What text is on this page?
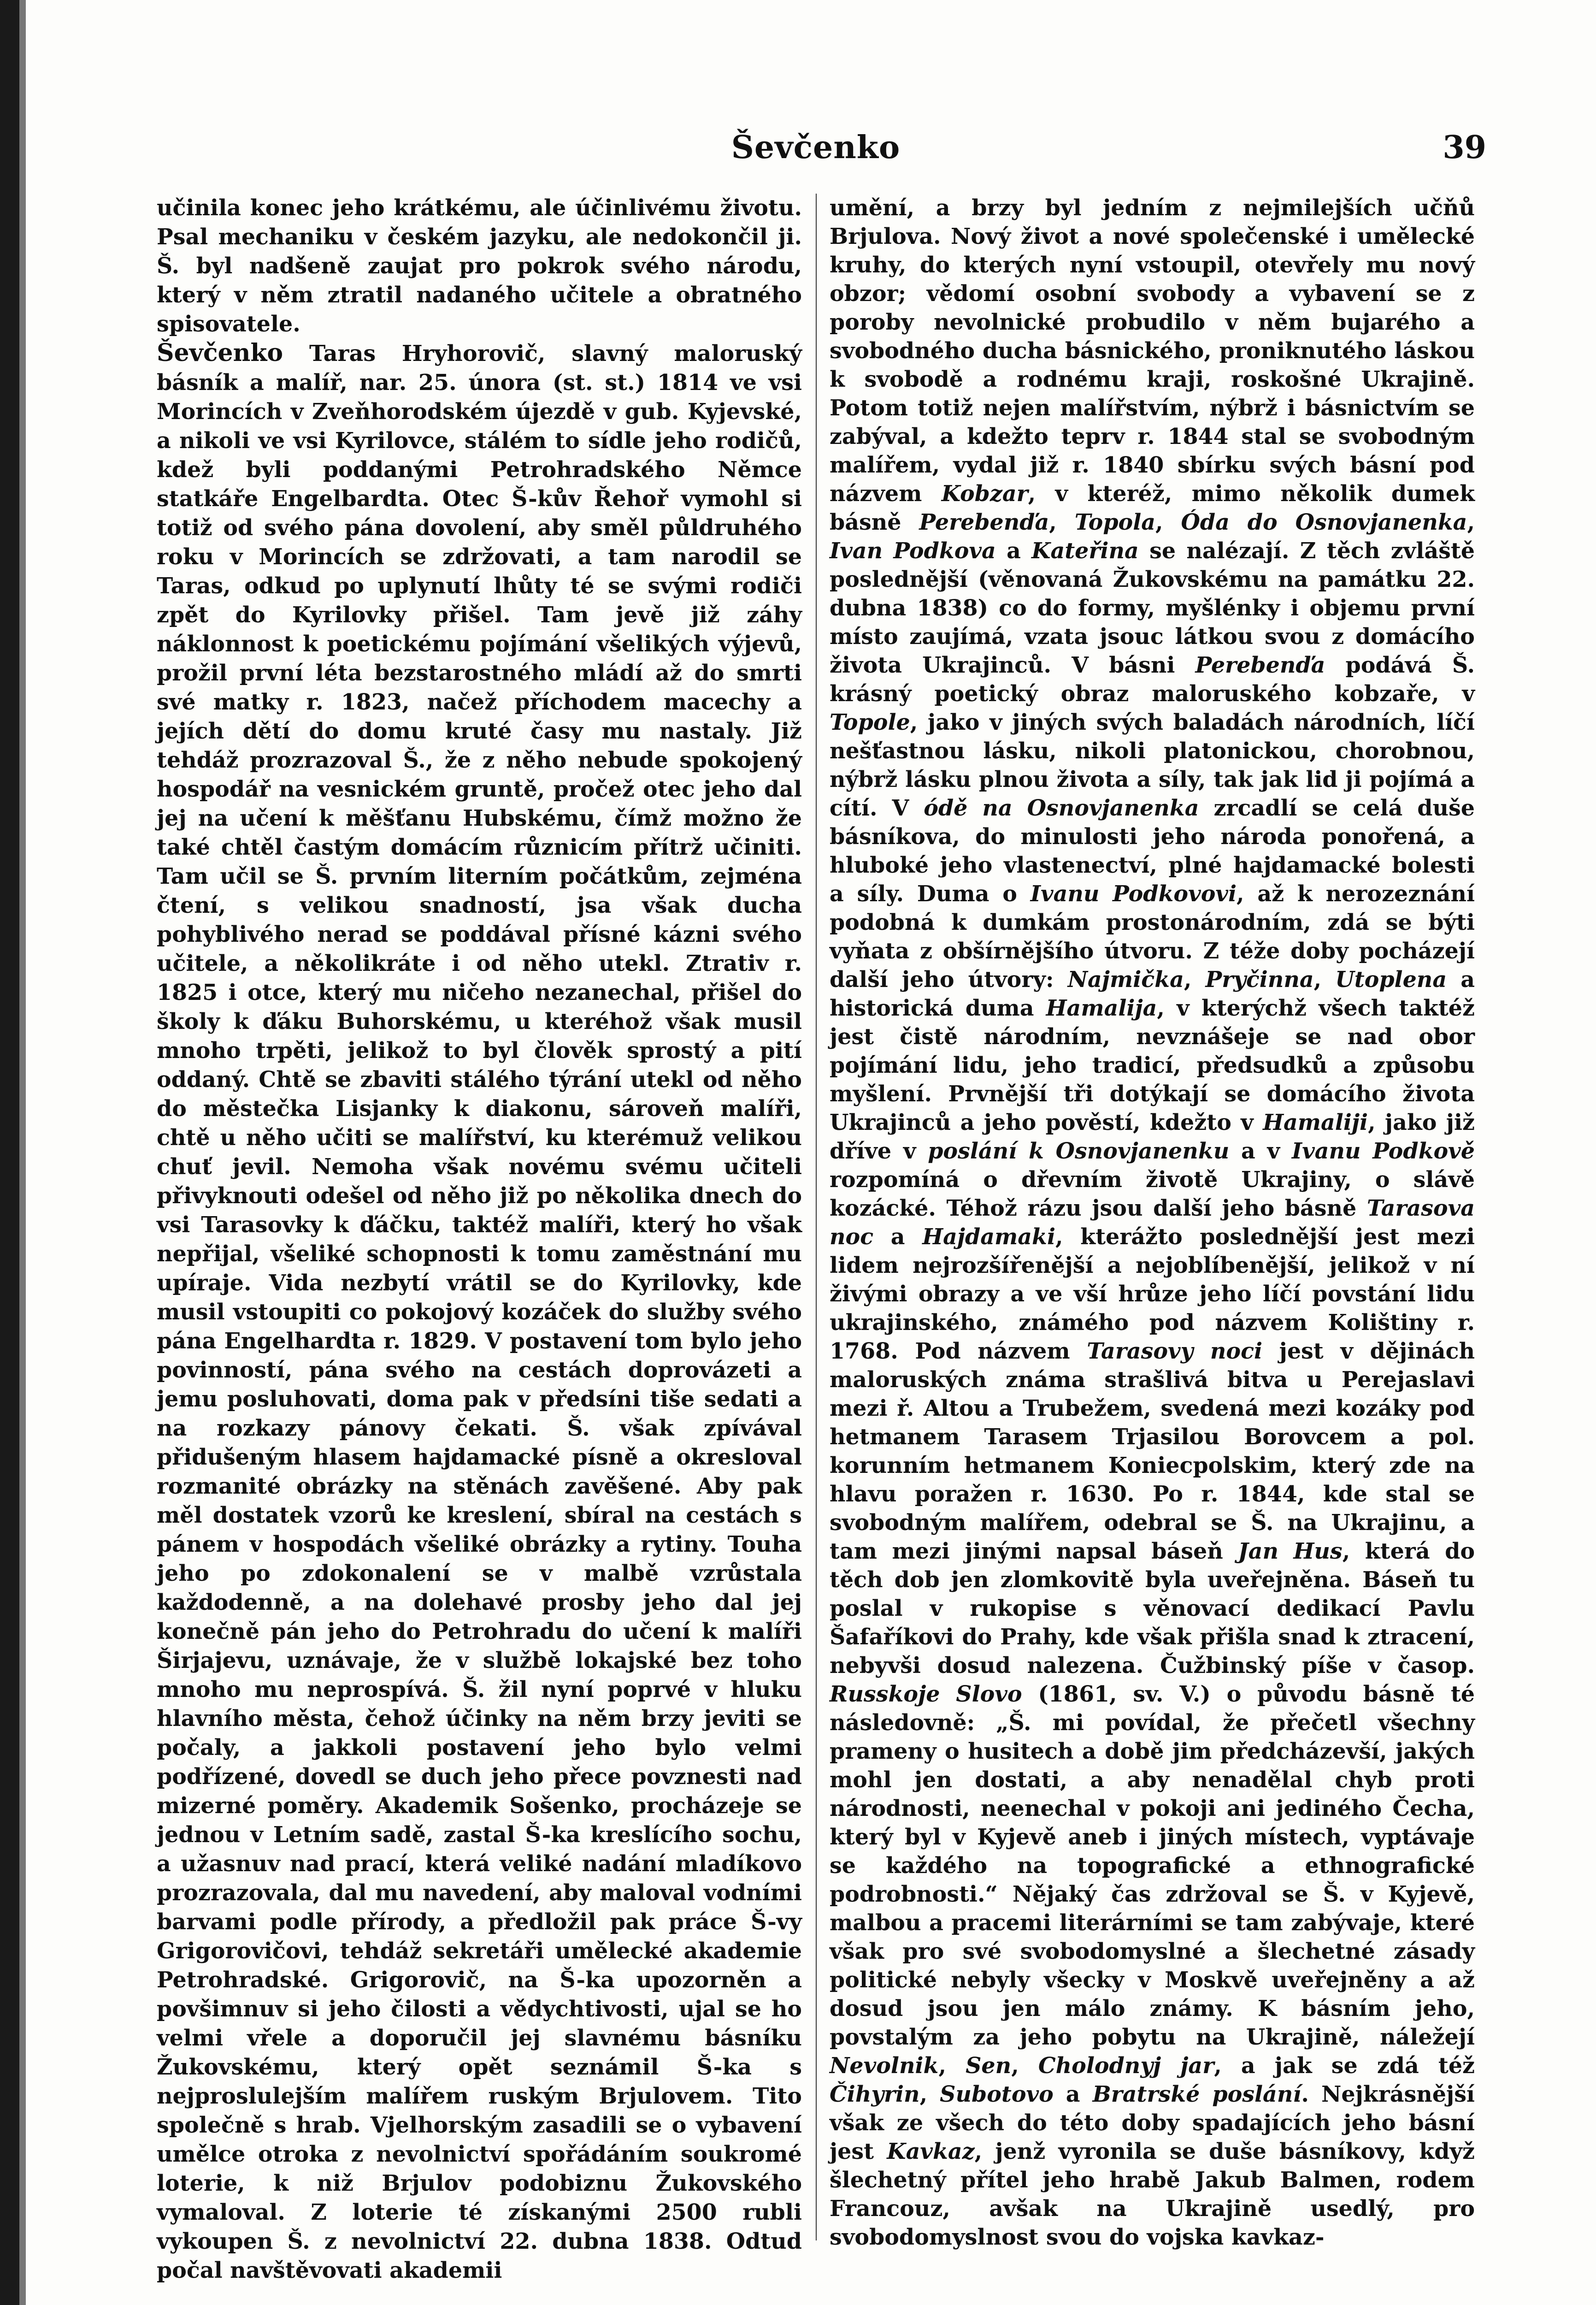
Ševčenko	39

učinila konec jeho krátkému, ale účinlivému životu. Psal mechaniku v českém jazyku, ale nedokončil ji. Š. byl nadšeně zaujat pro pokrok svého národu, který v něm ztratil nadaného učitele a obratného spisovatele.

Ševčenko Taras Hryhorovič, slavný maloruský básník a malíř, nar. 25. února (st. st.) 1814 ve vsi Morincích v Zveňhorodském újezdě v gub. Kyjevské, a nikoli ve vsi Kyrilovce, stálém to sídle jeho rodičů, kdež byli poddanými Petrohradského Němce statkáře Engelbardta. Otec Š-kův Řehoř vymohl si totiž od svého pána dovolení, aby směl půldruhého roku v Morincích se zdržovati, a tam narodil se Taras, odkud po uplynutí lhůty té se svými rodiči zpět do Kyrilovky přišel. Tam jevě již záhy náklonnost k poetickému pojímání všelikých výjevů, prožil první léta bezstarostného mládí až do smrti své matky r. 1823, načež příchodem macechy a jejích dětí do domu kruté časy mu nastaly. Již tehdáž prozrazoval Š., že z něho nebude spokojený hospodář na vesnickém gruntě, pročež otec jeho dal jej na učení k měšťanu Hubskému, čímž možno že také chtěl častým domácím různicím přítrž učiniti. Tam učil se Š. prvním literním počátkům, zejména čtení, s velikou snadností, jsa však ducha pohyblivého nerad se poddával přísné kázni svého učitele, a několikráte i od něho utekl. Ztrativ r. 1825 i otce, který mu ničeho nezanechal, přišel do školy k ďáku Buhorskému, u kteréhož však musil mnoho trpěti, jelikož to byl člověk sprostý a pití oddaný. Chtě se zbaviti stálého týrání utekl od něho do městečka Lisjanky k diakonu, sároveň malíři, chtě u něho učiti se malířství, ku kterémuž velikou chuť jevil. Nemoha však novému svému učiteli přivyknouti odešel od něho již po několika dnech do vsi Tarasovky k ďáčku, taktéž malíři, který ho však nepřijal, všeliké schopnosti k tomu zaměstnání mu upíraje. Vida nezbytí vrátil se do Kyrilovky, kde musil vstoupiti co pokojový kozáček do služby svého pána Engelhardta r. 1829. V postavení tom bylo jeho povinností, pána svého na cestách doprovázeti a jemu posluhovati, doma pak v předsíni tiše sedati a na rozkazy pánovy čekati. Š. však zpívával přidušeným hlasem hajdamacké písně a okresloval rozmanité obrázky na stěnách zavěšené. Aby pak měl dostatek vzorů ke kreslení, sbíral na cestách s pánem v hospodách všeliké obrázky a rytiny. Touha jeho po zdokonalení se v malbě vzrůstala každodenně, a na dolehavé prosby jeho dal jej konečně pán jeho do Petrohradu do učení k malíři Širjajevu, uznávaje, že v službě lokajské bez toho mnoho mu neprospívá. Š. žil nyní poprvé v hluku hlavního města, čehož účinky na něm brzy jeviti se počaly, a jakkoli postavení jeho bylo velmi podřízené, dovedl se duch jeho přece povznesti nad mizerné poměry. Akademik Sošenko, procházeje se jednou v Letním sadě, zastal Š-ka kreslícího sochu, a užasnuv nad prací, která veliké nadání mladíkovo prozrazovala, dal mu navedení, aby maloval vodními barvami podle přírody, a předložil pak práce Š-vy Grigorovičovi, tehdáž sekretáři umělecké akademie Petrohradské. Grigorovič, na Š-ka upozorněn a povšimnuv si jeho čilosti a vědychtivosti, ujal se ho velmi vřele a doporučil jej slavnému básníku Žukovskému, který opět seznámil Š-ka s nejproslulejším malířem ruským Brjulovem. Tito společně s hrab. Vjelhorským zasadili se o vybavení umělce otroka z nevolnictví spořádáním soukromé loterie, k niž Brjulov podobiznu Žukovského vymaloval. Z loterie té získanými 2500 rubli vykoupen Š. z nevolnictví 22. dubna 1838. Odtud počal navštěvovati akademii

umění, a brzy byl jedním z nejmilejších učňů Brjulova. Nový život a nové společenské i umělecké kruhy, do kterých nyní vstoupil, otevřely mu nový obzor; vědomí osobní svobody a vybavení se z poroby nevolnické probudilo v něm bujarého a svobodného ducha básnického, proniknutého láskou k svobodě a rodnému kraji, roskošné Ukrajině. Potom totiž nejen malířstvím, nýbrž i básnictvím se zabýval, a kdežto teprv r. 1844 stal se svobodným malířem, vydal již r. 1840 sbírku svých básní pod názvem Kobzar, v kteréž, mimo několik dumek básně Perebenďa, Topola, Óda do Osnovjanenka, Ivan Podkova a Kateřina se nalézají. Z těch zvláště poslednější (věnovaná Žukovskému na památku 22. dubna 1838) co do formy, myšlénky i objemu první místo zaujímá, vzata jsouc látkou svou z domácího života Ukrajinců. V básni Perebenďa podává Š. krásný poetický obraz maloruského kobzaře, v Topole, jako v jiných svých baladách národních, líčí nešťastnou lásku, nikoli platonickou, chorobnou, nýbrž lásku plnou života a síly, tak jak lid ji pojímá a cítí. V ódě na Osnovjanenka zrcadlí se celá duše básníkova, do minulosti jeho národa ponořená, a hluboké jeho vlastenectví, plné hajdamacké bolesti a síly. Duma o Ivanu Podkovovi, až k nerozeznání podobná k dumkám prostonárodním, zdá se býti vyňata z obšírnějšího útvoru. Z téže doby pocházejí další jeho útvory: Najmička, Pryčinna, Utoplena a historická duma Hamalija, v kterýchž všech taktéž jest čistě národním, nevznášeje se nad obor pojímání lidu, jeho tradicí, předsudků a způsobu myšlení. Prvnější tři dotýkají se domácího života Ukrajinců a jeho pověstí, kdežto v Hamaliji, jako již dříve v poslání k Osnovjanenku a v Ivanu Podkově rozpomíná o dřevním životě Ukrajiny, o slávě kozácké. Téhož rázu jsou další jeho básně Tarasova noc a Hajdamaki, kterážto poslednější jest mezi lidem nejrozšířenější a nejoblíbenější, jelikož v ní živými obrazy a ve vší hrůze jeho líčí povstání lidu ukrajinského, známého pod názvem Kolištiny r. 1768. Pod názvem Tarasovy noci jest v dějinách maloruských známa strašlivá bitva u Perejaslavi mezi ř. Altou a Trubežem, svedená mezi kozáky pod hetmanem Tarasem Trjasilou Borovcem a pol. korunním hetmanem Koniecpolskim, který zde na hlavu poražen r. 1630. Po r. 1844, kde stal se svobodným malířem, odebral se Š. na Ukrajinu, a tam mezi jinými napsal báseň Jan Hus, která do těch dob jen zlomkovitě byla uveřejněna. Báseň tu poslal v rukopise s věnovací dedikací Pavlu Šafaříkovi do Prahy, kde však přišla snad k ztracení, nebyvši dosud nalezena. Čužbinský píše v časop. Russkoje Slovo (1861, sv. V.) o původu básně té následovně: „Š. mi povídal, že přečetl všechny prameny o husitech a době jim předcházevší, jakých mohl jen dostati, a aby nenadělal chyb proti národnosti, neenechal v pokoji ani jediného Čecha, který byl v Kyjevě aneb i jiných místech, vyptávaje se každého na topografické a ethnografické podrobnosti.“ Nějaký čas zdržoval se Š. v Kyjevě, malbou a pracemi literárními se tam zabývaje, které však pro své svobodomyslné a šlechetné zásady politické nebyly všecky v Moskvě uveřejněny a až dosud jsou jen málo známy. K básním jeho, povstalým za jeho pobytu na Ukrajině, náležejí Nevolnik, Sen, Cholodnyj jar, a jak se zdá též Čihyrin, Subotovo a Bratrské poslání. Nejkrásnější však ze všech do této doby spadajících jeho básní jest Kavkaz, jenž vyronila se duše básníkovy, když šlechetný přítel jeho hrabě Jakub Balmen, rodem Francouz, avšak na Ukrajině usedlý, pro svobodomyslnost svou do vojska kavkaz-
